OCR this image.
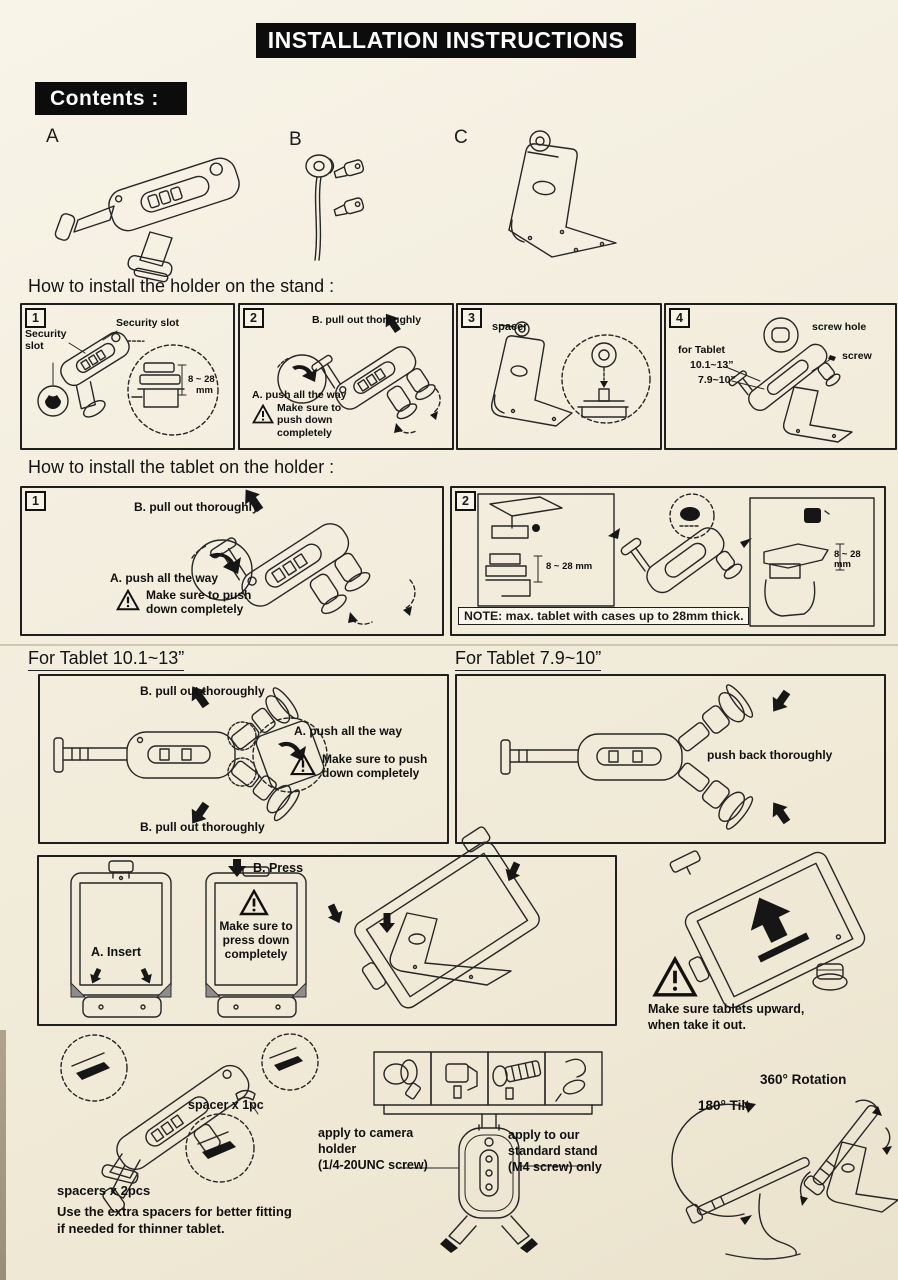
INSTALLATION INSTRUCTIONS
Contents :
A	B	C
How to install the holder on the stand :
1
Security slot
Security slot
8 ~ 28
mm
2	B. pull out thoroughly
A. push all the way
Make sure to push down completely
3
spacer
4
screw hole
for Tablet
10.1~13”
7.9~10”
screw
How to install the tablet on the holder :
1	B. pull out thoroughly
A. push all the way
Make sure to push down completely
2
8 ~ 28 mm
8 ~ 28 mm
NOTE: max. tablet with cases up to 28mm thick.
For Tablet 10.1~13”	For Tablet 7.9~10”
B. pull out thoroughly
A. push all the way
Make sure to push down completely
B. pull out thoroughly
push back thoroughly
A. Insert
B. Press
Make sure to press down completely
Make sure tablets upward,
when take it out.
spacer x 1pc
spacers x 2pcs
Use the extra spacers for better fitting
if needed for thinner tablet.
apply to camera
holder
(1/4-20UNC screw)
apply to our
standard stand
(M4 screw) only
360° Rotation
180° Tilt
